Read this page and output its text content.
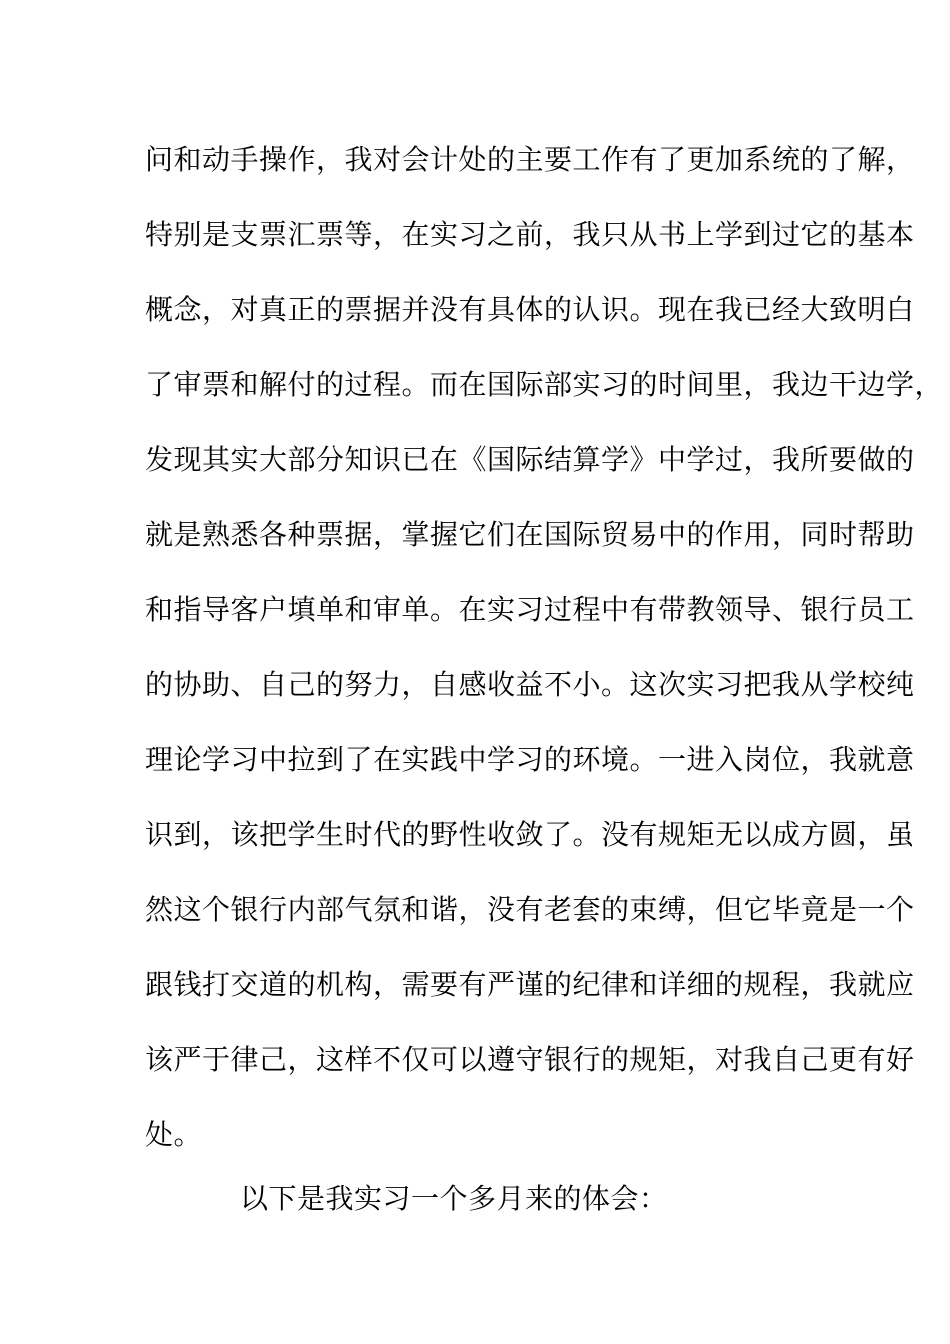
问和动手操作，我对会计处的主要工作有了更加系统的了解，
特别是支票汇票等，在实习之前，我只从书上学到过它的基本
概念，对真正的票据并没有具体的认识。现在我已经大致明白
了审票和解付的过程。而在国际部实习的时间里，我边干边学，
发现其实大部分知识已在《国际结算学》中学过，我所要做的
就是熟悉各种票据，掌握它们在国际贸易中的作用，同时帮助
和指导客户填单和审单。在实习过程中有带教领导、银行员工
的协助、自己的努力，自感收益不小。这次实习把我从学校纯
理论学习中拉到了在实践中学习的环境。一进入岗位，我就意
识到，该把学生时代的野性收敛了。没有规矩无以成方圆，虽
然这个银行内部气氛和谐，没有老套的束缚，但它毕竟是一个
跟钱打交道的机构，需要有严谨的纪律和详细的规程，我就应
该严于律己，这样不仅可以遵守银行的规矩，对我自己更有好
处。

以下是我实习一个多月来的体会：
